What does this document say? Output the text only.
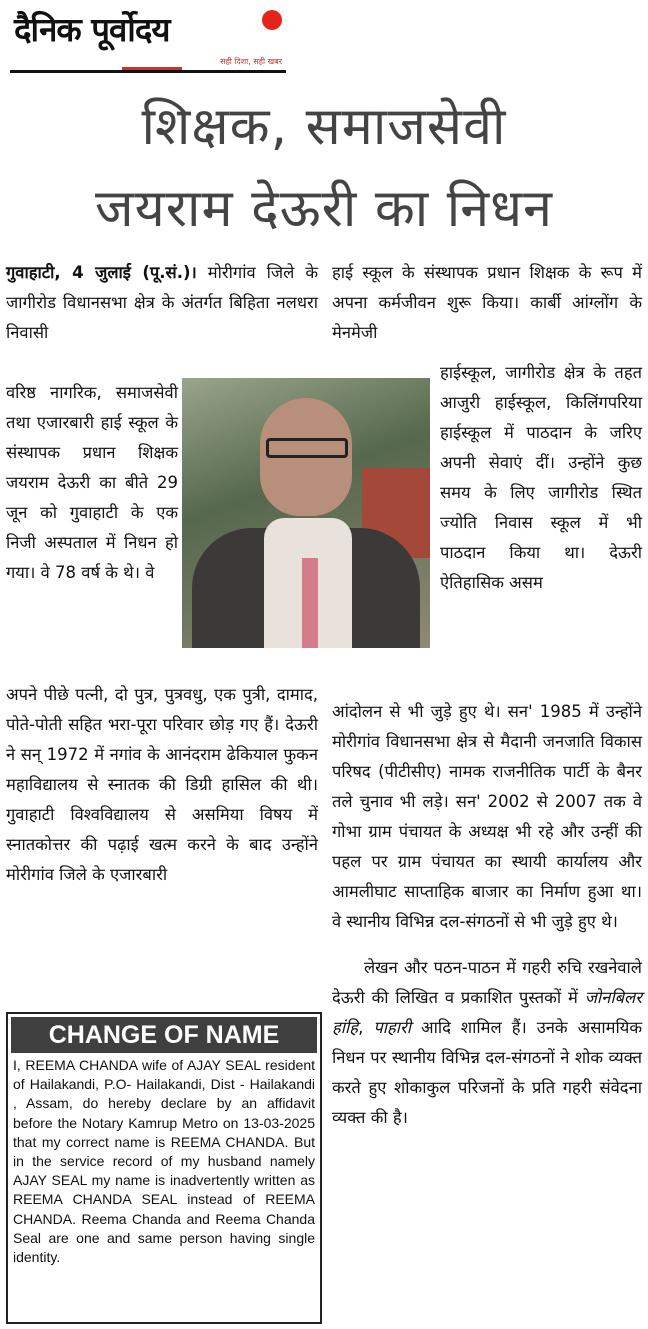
दैनिक पूर्वोदय
सही दिशा, सही खबर
शिक्षक, समाजसेवी
जयराम देऊरी का निधन

गुवाहाटी, 4 जुलाई (पू.सं.)। मोरीगांव जिले के जागीरोड विधानसभा क्षेत्र के अंतर्गत बिहिता नलधरा निवासी

वरिष्ठ नागरिक, समाजसेवी तथा एजारबारी हाई स्कूल के संस्थापक प्रधान शिक्षक जयराम देऊरी का बीते 29 जून को गुवाहाटी के एक निजी अस्पताल में निधन हो गया। वे 78 वर्ष के थे। वे
अपने पीछे पत्नी, दो पुत्र, पुत्रवधु, एक पुत्री, दामाद, पोते-पोती सहित भरा-पूरा परिवार छोड़ गए हैं। देऊरी ने सन् 1972 में नगांव के आनंदराम ढेकियाल फुकन महाविद्यालय से स्नातक की डिग्री हासिल की थी। गुवाहाटी विश्वविद्यालय से असमिया विषय में स्नातकोत्तर की पढ़ाई खत्म करने के बाद उन्होंने मोरीगांव जिले के एजारबारी
हाई स्कूल के संस्थापक प्रधान शिक्षक के रूप में अपना कर्मजीवन शुरू किया। कार्बी आंग्लोंग के मेनमेजी
हाईस्कूल, जागीरोड क्षेत्र के तहत आजुरी हाईस्कूल, किलिंगपरिया हाईस्कूल में पाठदान के जरिए अपनी सेवाएं दीं। उन्होंने कुछ समय के लिए जागीरोड स्थित ज्योति निवास स्कूल में भी पाठदान किया था। देऊरी ऐतिहासिक असम

आंदोलन से भी जुड़े हुए थे। सन' 1985 में उन्होंने मोरीगांव विधानसभा क्षेत्र से मैदानी जनजाति विकास परिषद (पीटीसीए) नामक राजनीतिक पार्टी के बैनर तले चुनाव भी लड़े। सन' 2002 से 2007 तक वे गोभा ग्राम पंचायत के अध्यक्ष भी रहे और उन्हीं की पहल पर ग्राम पंचायत का स्थायी कार्यालय और आमलीघाट साप्ताहिक बाजार का निर्माण हुआ था। वे स्थानीय विभिन्न दल-संगठनों से भी जुड़े हुए थे।

लेखन और पठन-पाठन में गहरी रुचि रखनेवाले देऊरी की लिखित व प्रकाशित पुस्तकों में जोनबिलर हांहि, पाहारी आदि शामिल हैं। उनके असामयिक निधन पर स्थानीय विभिन्न दल-संगठनों ने शोक व्यक्त करते हुए शोकाकुल परिजनों के प्रति गहरी संवेदना व्यक्त की है।

CHANGE OF NAME
I, REEMA CHANDA wife of AJAY SEAL resident of Hailakandi, P.O- Hailakandi, Dist - Hailakandi , Assam, do hereby declare by an affidavit before the Notary Kamrup Metro on 13-03-2025 that my correct name is REEMA CHANDA. But in the service record of my husband namely AJAY SEAL my name is inadvertently written as REEMA CHANDA SEAL instead of REEMA CHANDA. Reema Chanda and Reema Chanda Seal are one and same person having single identity.
